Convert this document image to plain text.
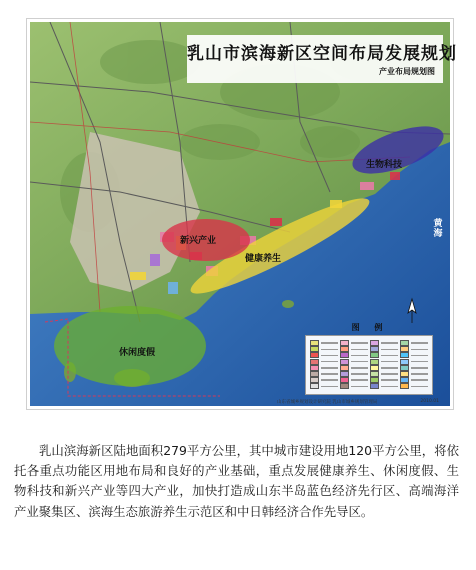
乳山市滨海新区空间布局发展规划
产业布局规划图
生物科技
新兴产业
健康养生
休闲度假
黄海
图 例
山东省城乡规划设计研究院 乳山市城乡规划管理局	2010.01
乳山滨海新区陆地面积279平方公里，其中城市建设用地120平方公里，将依托各重点功能区用地布局和良好的产业基础，重点发展健康养生、休闲度假、生物科技和新兴产业等四大产业，加快打造成山东半岛蓝色经济先行区、高端海洋产业聚集区、滨海生态旅游养生示范区和中日韩经济合作先导区。
